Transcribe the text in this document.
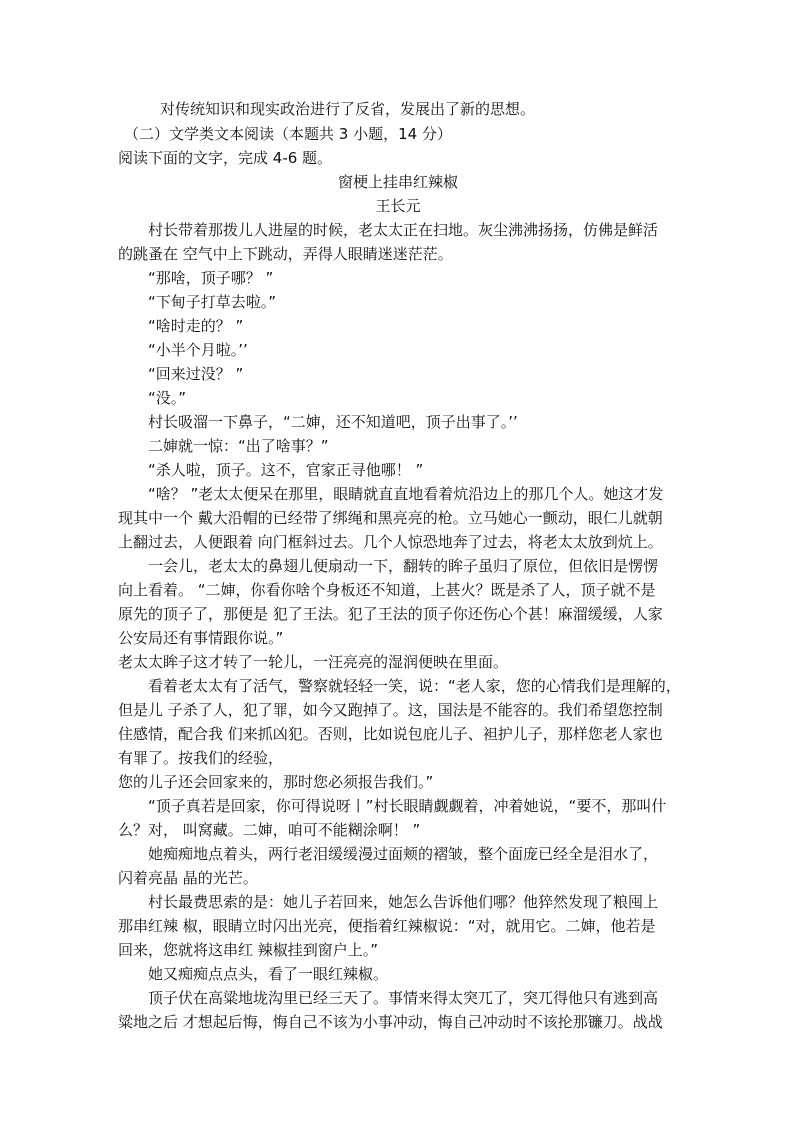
对传统知识和现实政治进行了反省，发展出了新的思想。
（二）文学类文本阅读（本题共 3 小题，14 分）
阅读下面的文字，完成 4-6 题。
窗梗上挂串红辣椒
王长元
村长带着那拨儿人进屋的时候，老太太正在扫地。灰尘沸沸扬扬，仿佛是鲜活
的跳蚤在 空气中上下跳动，弄得人眼睛迷迷茫茫。
“那啥，顶子哪？ ”
“下甸子打草去啦。”
“啥时走的？ ”
“小半个月啦。’’
“回来过没？ ”
“没。”
村长吸溜一下鼻子，“二婶，还不知道吧，顶子出事了。’’
二婶就一惊：“出了啥事？”
“杀人啦，顶子。这不，官家正寻他哪！ ”
“啥？ ”老太太便呆在那里，眼睛就直直地看着炕沿边上的那几个人。她这才发
现其中一个 戴大沿帽的已经带了绑绳和黑亮亮的枪。立马她心一颤动，眼仁儿就朝
上翻过去，人便跟着 向门框斜过去。几个人惊恐地奔了过去，将老太太放到炕上。
一会儿，老太太的鼻翅儿便扇动一下，翻转的眸子虽归了原位，但依旧是愣愣
向上看着。 “二婶，你看你啥个身板还不知道，上甚火？既是杀了人，顶子就不是
原先的顶子了，那便是 犯了王法。犯了王法的顶子你还伤心个甚！麻溜缓缓，人家
公安局还有事情跟你说。”
老太太眸子这才转了一轮儿，一汪亮亮的湿润便映在里面。
看着老太太有了活气，警察就轻轻一笑，说：“老人家，您的心情我们是理解的，
但是儿 子杀了人，犯了罪，如今又跑掉了。这，国法是不能容的。我们希望您控制
住感情，配合我 们来抓凶犯。否则，比如说包庇儿子、袒护儿子，那样您老人家也
有罪了。按我们的经验，
您的儿子还会回家来的，那时您必须报告我们。”
“顶子真若是回家，你可得说呀丨”村长眼睛觑觑着，冲着她说，“要不，那叫什
么？对， 叫窝藏。二婶，咱可不能糊涂啊！ ”
她痴痴地点着头，两行老泪缓缓漫过面颊的褶皱，整个面庞已经全是泪水了，
闪着亮晶 晶的光芒。
村长最费思索的是：她儿子若回来，她怎么告诉他们哪？他猝然发现了粮囤上
那串红辣 椒，眼睛立时闪出光亮，便指着红辣椒说：“对，就用它。二婶，他若是
回来，您就将这串红 辣椒挂到窗户上。”
她又痴痴点点头，看了一眼红辣椒。
顶子伏在高粱地垅沟里已经三天了。事情来得太突兀了，突兀得他只有逃到高
粱地之后 才想起后悔，悔自己不该为小事冲动，悔自己冲动时不该抡那镰刀。战战
